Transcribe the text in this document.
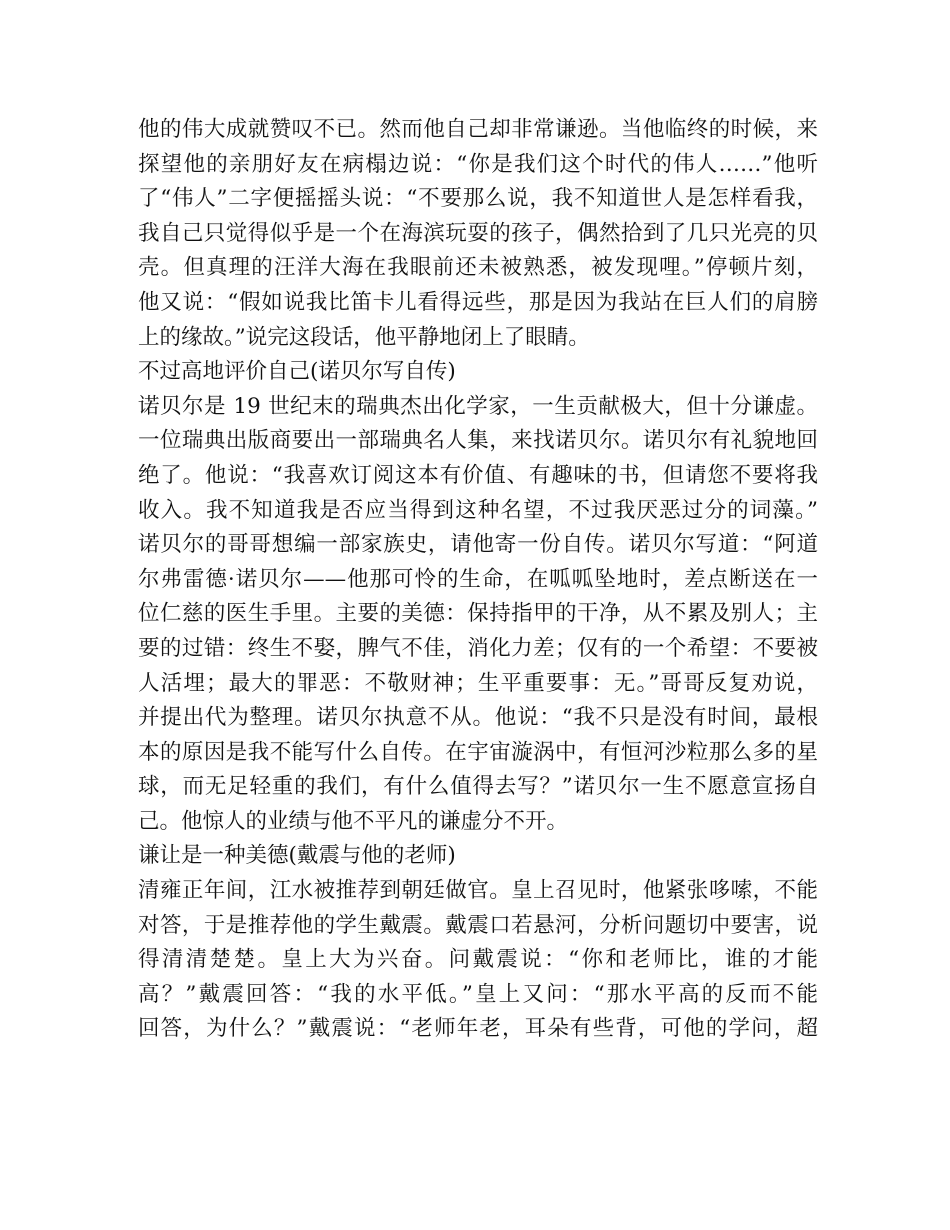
他的伟大成就赞叹不已。然而他自己却非常谦逊。当他临终的时候，来
探望他的亲朋好友在病榻边说：“你是我们这个时代的伟人……”他听
了“伟人”二字便摇摇头说：“不要那么说，我不知道世人是怎样看我，
我自己只觉得似乎是一个在海滨玩耍的孩子，偶然拾到了几只光亮的贝
壳。但真理的汪洋大海在我眼前还未被熟悉，被发现哩。”停顿片刻，
他又说：“假如说我比笛卡儿看得远些，那是因为我站在巨人们的肩膀
上的缘故。”说完这段话，他平静地闭上了眼睛。
不过高地评价自己(诺贝尔写自传)
诺贝尔是 19 世纪末的瑞典杰出化学家，一生贡献极大，但十分谦虚。
一位瑞典出版商要出一部瑞典名人集，来找诺贝尔。诺贝尔有礼貌地回
绝了。他说：“我喜欢订阅这本有价值、有趣味的书，但请您不要将我
收入。我不知道我是否应当得到这种名望，不过我厌恶过分的词藻。”
诺贝尔的哥哥想编一部家族史，请他寄一份自传。诺贝尔写道：“阿道
尔弗雷德·诺贝尔——他那可怜的生命，在呱呱坠地时，差点断送在一
位仁慈的医生手里。主要的美德：保持指甲的干净，从不累及别人；主
要的过错：终生不娶，脾气不佳，消化力差；仅有的一个希望：不要被
人活埋；最大的罪恶：不敬财神；生平重要事：无。”哥哥反复劝说，
并提出代为整理。诺贝尔执意不从。他说：“我不只是没有时间，最根
本的原因是我不能写什么自传。在宇宙漩涡中，有恒河沙粒那么多的星
球，而无足轻重的我们，有什么值得去写？”诺贝尔一生不愿意宣扬自
己。他惊人的业绩与他不平凡的谦虚分不开。
谦让是一种美德(戴震与他的老师)
清雍正年间，江水被推荐到朝廷做官。皇上召见时，他紧张哆嗦，不能
对答，于是推荐他的学生戴震。戴震口若悬河，分析问题切中要害，说
得清清楚楚。皇上大为兴奋。问戴震说：“你和老师比，谁的才能
高？”戴震回答：“我的水平低。”皇上又问：“那水平高的反而不能
回答，为什么？”戴震说：“老师年老，耳朵有些背，可他的学问，超
